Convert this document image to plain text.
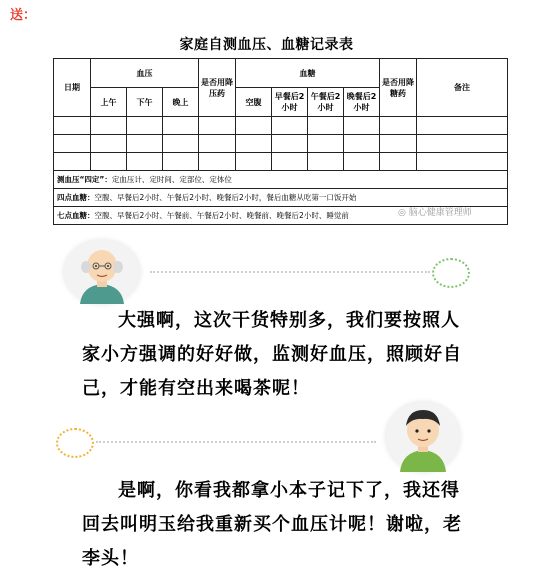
送：
家庭自测血压、血糖记录表
日期	血压			是否用降压药	血糖				是否用降糖药	备注
	上午	下午	晚上		空腹	早餐后2小时	午餐后2小时	晚餐后2小时		

测血压“四定”：定血压计、定时间、定部位、定体位										
四点血糖：空腹、早餐后2小时、午餐后2小时、晚餐后2小时，餐后血糖从吃第一口饭开始										
七点血糖：空腹、早餐后2小时、午餐前、午餐后2小时、晚餐前、晚餐后2小时、睡觉前											◎ 脑心健康管理师

大强啊，这次干货特别多，我们要按照人家小方强调的好好做，监测好血压，照顾好自己，才能有空出来喝茶呢！

是啊，你看我都拿小本子记下了，我还得回去叫明玉给我重新买个血压计呢！谢啦，老李头！
